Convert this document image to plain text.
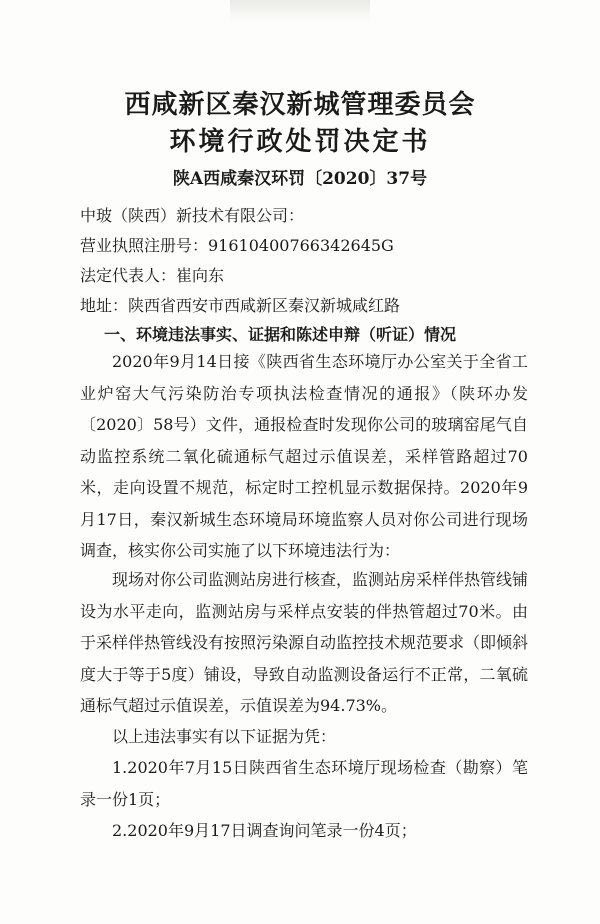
西咸新区秦汉新城管理委员会
环境行政处罚决定书
陕A西咸秦汉环罚〔2020〕37号
中玻（陕西）新技术有限公司：
营业执照注册号：91610400766342645G
法定代表人：崔向东
地址：陕西省西安市西咸新区秦汉新城咸红路
一、环境违法事实、证据和陈述申辩（听证）情况
2020年9月14日接《陕西省生态环境厅办公室关于全省工业炉窑大气污染防治专项执法检查情况的通报》（陕环办发〔2020〕58号）文件，通报检查时发现你公司的玻璃窑尾气自动监控系统二氧化硫通标气超过示值误差，采样管路超过70米，走向设置不规范，标定时工控机显示数据保持。2020年9月17日，秦汉新城生态环境局环境监察人员对你公司进行现场调查，核实你公司实施了以下环境违法行为：
现场对你公司监测站房进行核查，监测站房采样伴热管线铺设为水平走向，监测站房与采样点安装的伴热管超过70米。由于采样伴热管线没有按照污染源自动监控技术规范要求（即倾斜度大于等于5度）铺设，导致自动监测设备运行不正常，二氧硫通标气超过示值误差，示值误差为94.73%。
以上违法事实有以下证据为凭：
1.2020年7月15日陕西省生态环境厅现场检查（勘察）笔录一份1页；
2.2020年9月17日调查询问笔录一份4页；
